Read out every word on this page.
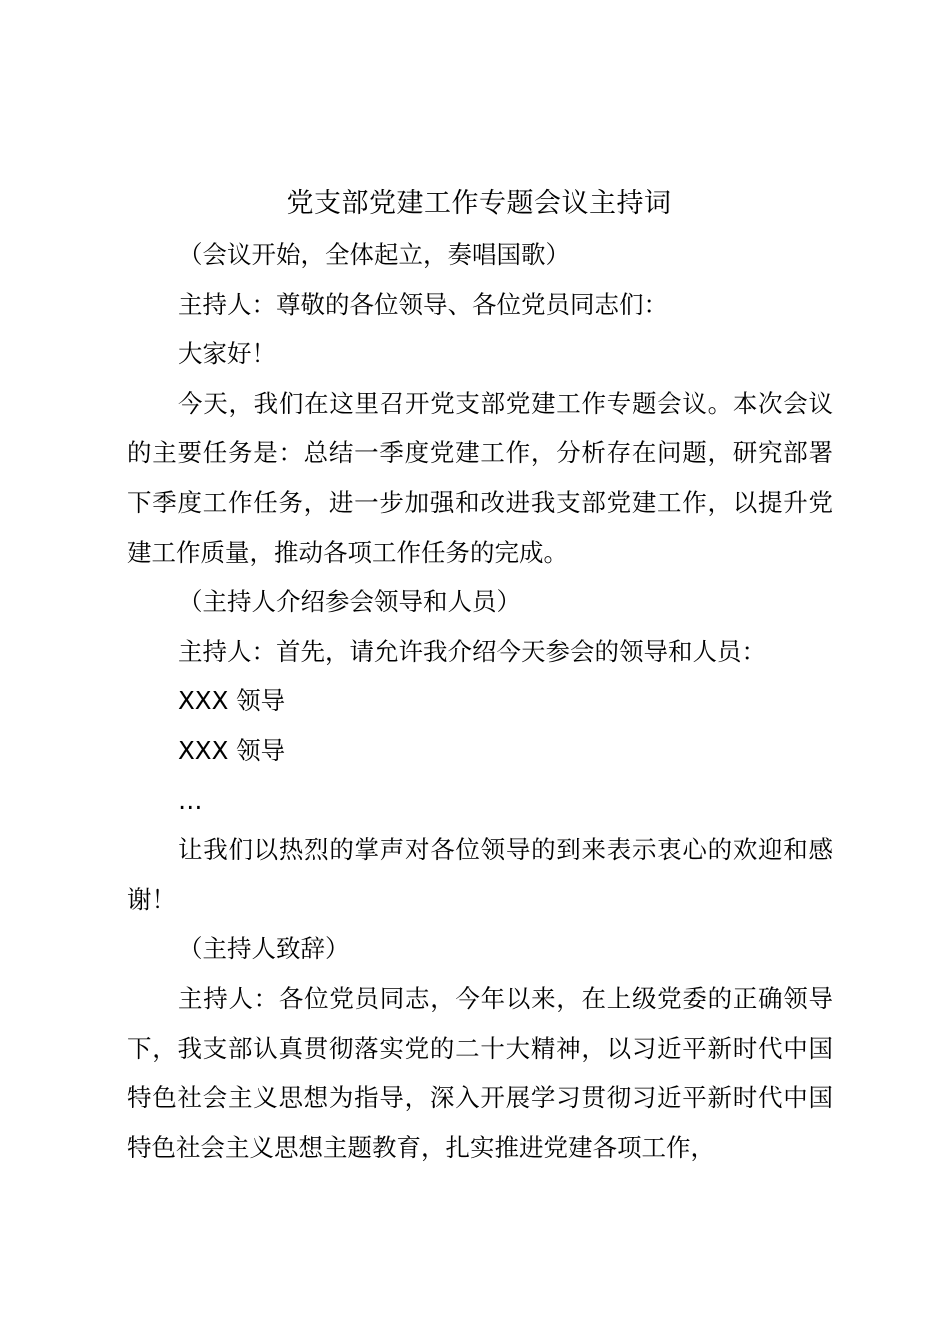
党支部党建工作专题会议主持词

（会议开始，全体起立，奏唱国歌）

主持人：尊敬的各位领导、各位党员同志们：

大家好！

今天，我们在这里召开党支部党建工作专题会议。本次会议的主要任务是：总结一季度党建工作，分析存在问题，研究部署下季度工作任务，进一步加强和改进我支部党建工作，以提升党建工作质量，推动各项工作任务的完成。

（主持人介绍参会领导和人员）

主持人：首先，请允许我介绍今天参会的领导和人员：

XXX 领导

XXX 领导

…

让我们以热烈的掌声对各位领导的到来表示衷心的欢迎和感谢！

（主持人致辞）

主持人：各位党员同志，今年以来，在上级党委的正确领导下，我支部认真贯彻落实党的二十大精神，以习近平新时代中国特色社会主义思想为指导，深入开展学习贯彻习近平新时代中国特色社会主义思想主题教育，扎实推进党建各项工作，
